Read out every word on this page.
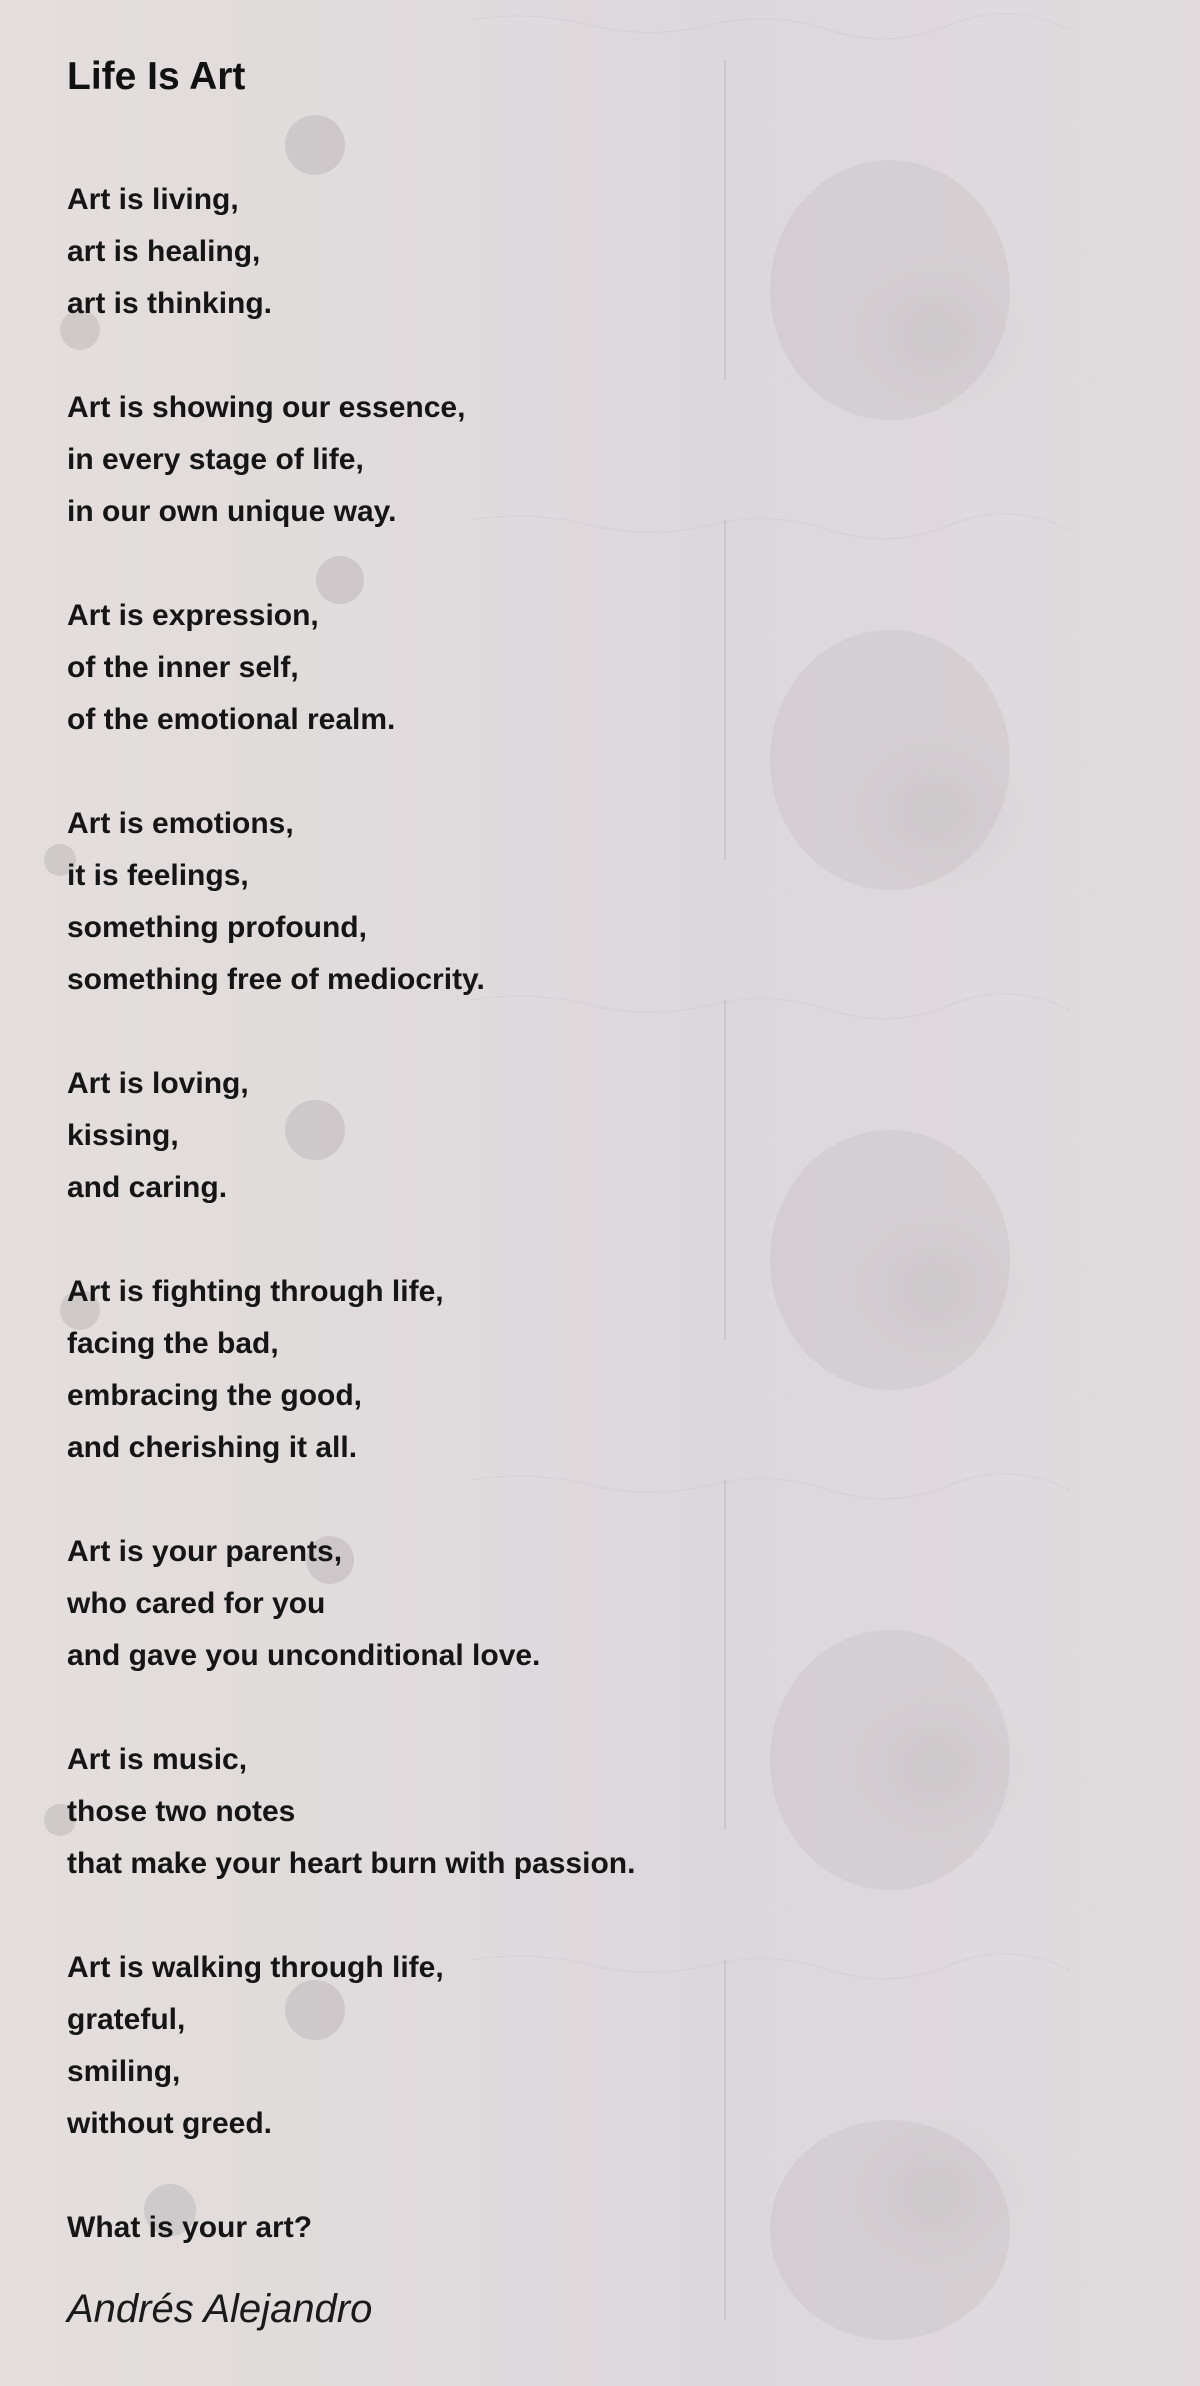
Life Is Art
Art is living,
art is healing,
art is thinking.
Art is showing our essence,
in every stage of life,
in our own unique way.
Art is expression,
of the inner self,
of the emotional realm.
Art is emotions,
it is feelings,
something profound,
something free of mediocrity.
Art is loving,
kissing,
and caring.
Art is fighting through life,
facing the bad,
embracing the good,
and cherishing it all.
Art is your parents,
who cared for you
and gave you unconditional love.
Art is music,
those two notes
that make your heart burn with passion.
Art is walking through life,
grateful,
smiling,
without greed.
What is your art?
Andrés Alejandro
